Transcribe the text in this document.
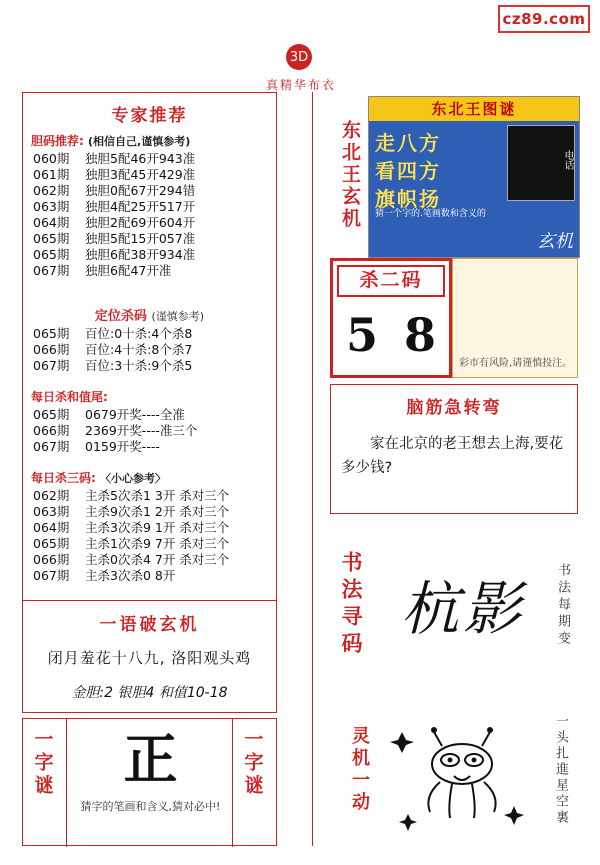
cz89.com
3D
真精华布衣
专家推荐
胆码推荐: (相信自己,谨慎参考)
060期 独胆5配46开943准
061期 独胆3配45开429准
062期 独胆0配67开294错
063期 独胆4配25开517开
064期 独胆2配69开604开
065期 独胆5配15开057准
065期 独胆6配38开934准
067期 独胆6配47开准
定位杀码 (谨慎参考)
065期 百位:0十杀:4个杀8
066期 百位:4十杀:8个杀7
067期 百位:3十杀:9个杀5
每日杀和值尾:
065期 0679开奖----全准
066期 2369开奖----准三个
067期 0159开奖----
每日杀三码: 〈小心参考〉
062期 主杀5次杀1 3开 杀对三个
063期 主杀9次杀1 2开 杀对三个
064期 主杀3次杀9 1开 杀对三个
065期 主杀1次杀9 7开 杀对三个
066期 主杀0次杀4 7开 杀对三个
067期 主杀3次杀0 8开
一语破玄机
闭月羞花十八九, 洛阳观头鸡
金胆:2 银胆4 和值10-18
一字谜	正
猜字的笔画和含义,猜对必中!
一字谜
东北王玄机
东北王图谜
走八方
看四方
旗帜扬
猜一个字的.笔画数和含义的
电话
玄机
杀二码
5 8
彩市有风险,请谨慎投注。
脑筋急转弯
家在北京的老王想去上海,要花多少钱?
书法寻码 杭影	书法每期变
灵机一动	一头扎進星空裏
